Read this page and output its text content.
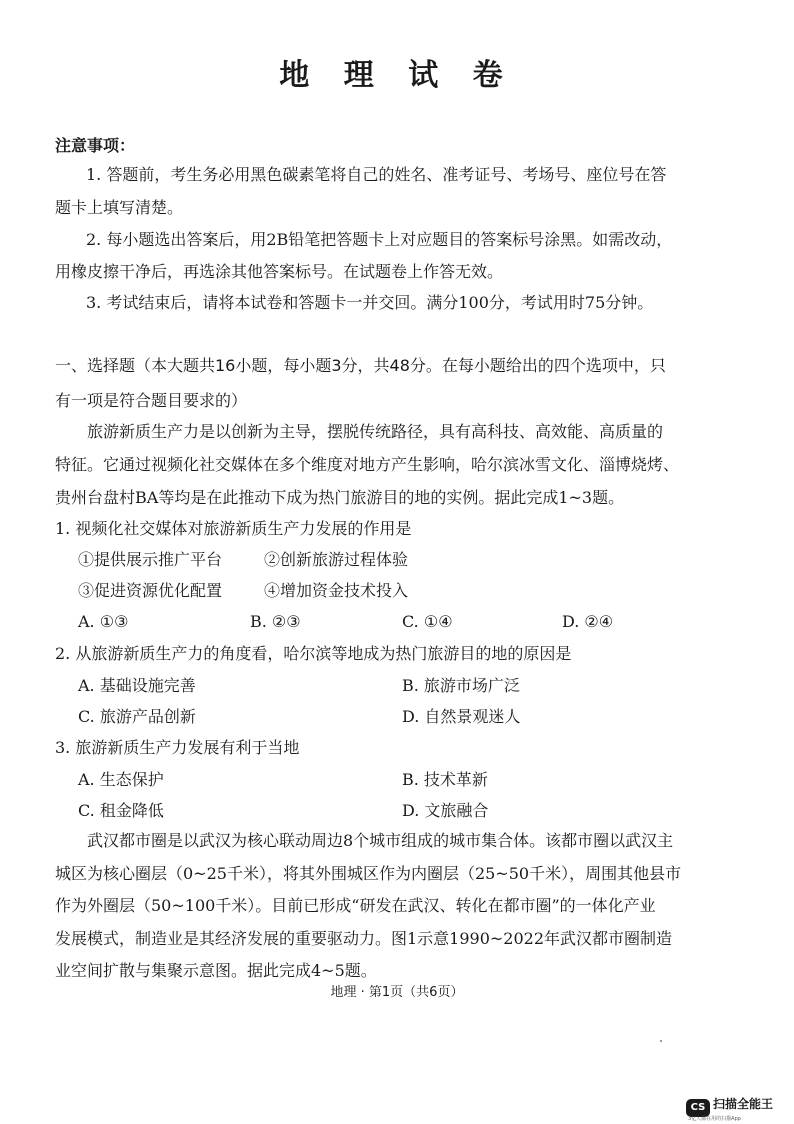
地 理 试 卷
注意事项：
1. 答题前，考生务必用黑色碳素笔将自己的姓名、准考证号、考场号、座位号在答
题卡上填写清楚。
2. 每小题选出答案后，用2B铅笔把答题卡上对应题目的答案标号涂黑。如需改动，
用橡皮擦干净后，再选涂其他答案标号。在试题卷上作答无效。
3. 考试结束后，请将本试卷和答题卡一并交回。满分100分，考试用时75分钟。
一、选择题（本大题共16小题，每小题3分，共48分。在每小题给出的四个选项中，只
有一项是符合题目要求的）
旅游新质生产力是以创新为主导，摆脱传统路径，具有高科技、高效能、高质量的
特征。它通过视频化社交媒体在多个维度对地方产生影响，哈尔滨冰雪文化、淄博烧烤、
贵州台盘村BA等均是在此推动下成为热门旅游目的地的实例。据此完成1~3题。
1. 视频化社交媒体对旅游新质生产力发展的作用是
①提供展示推广平台	②创新旅游过程体验
③促进资源优化配置	④增加资金技术投入
A. ①③	B. ②③	C. ①④	D. ②④
2. 从旅游新质生产力的角度看，哈尔滨等地成为热门旅游目的地的原因是
A. 基础设施完善	B. 旅游市场广泛
C. 旅游产品创新	D. 自然景观迷人
3. 旅游新质生产力发展有利于当地
A. 生态保护	B. 技术革新
C. 租金降低	D. 文旅融合
武汉都市圈是以武汉为核心联动周边8个城市组成的城市集合体。该都市圈以武汉主
城区为核心圈层（0~25千米），将其外围城区作为内圈层（25~50千米），周围其他县市
作为外圈层（50~100千米）。目前已形成“研发在武汉、转化在都市圈”的一体化产业
发展模式，制造业是其经济发展的重要驱动力。图1示意1990~2022年武汉都市圈制造
业空间扩散与集聚示意图。据此完成4~5题。
地理 · 第1页（共6页）
CS 扫描全能王
3亿人都在用的扫描App
